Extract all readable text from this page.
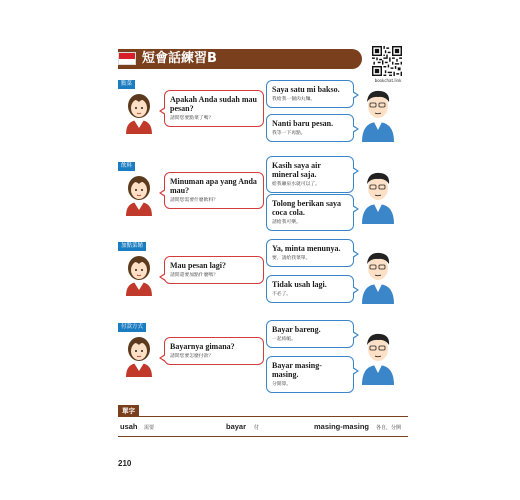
短會話練習B
bookchat.link
點菜
Apakah Anda sudah mau pesan?
請問您要點菜了嗎？
Saya satu mi bakso.
我給我一個肉丸麵。
Nanti baru pesan.
我等一下再點。
飲料
Minuman apa yang Anda mau?
請問您需要什麼飲料？
Kasih saya air mineral saja.
給我礦泉水就可以了。
Tolong berikan saya coca cola.
請給我可樂。
加點菜餚
Mau pesan lagi?
請問還要加點什麼嗎？
Ya, minta menunya.
要，請給我菜單。
Tidak usah lagi.
不必了。
付款方式
Bayarnya gimana?
請問您要怎麼付款？
Bayar bareng.
一起結帳。
Bayar masing-masing.
分開算。
單字
usah 需要	bayar 付	masing-masing 各自，分開
210
